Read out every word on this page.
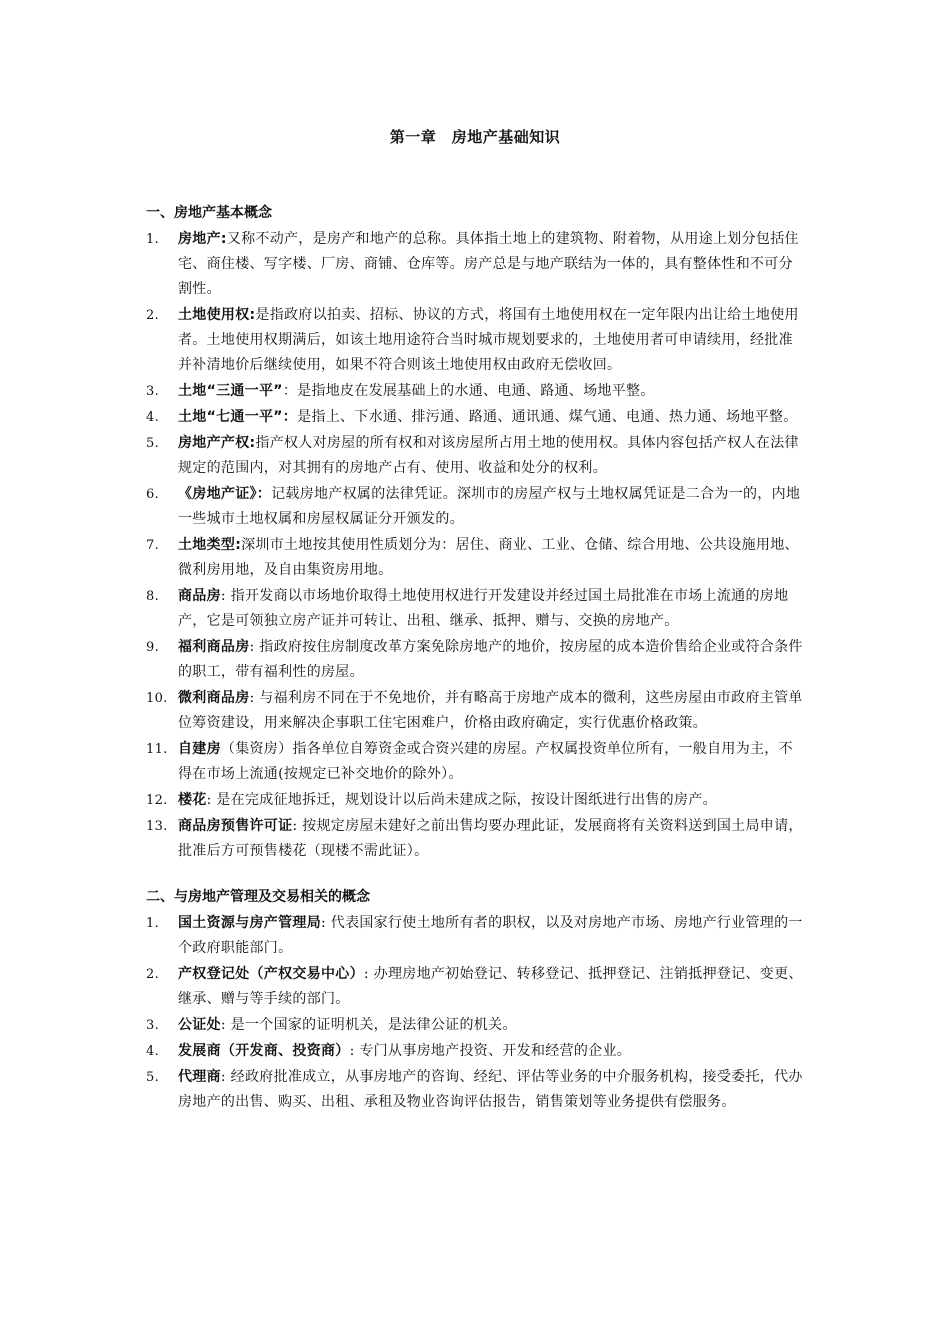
第一章　房地产基础知识
一、房地产基本概念
1.	房地产:又称不动产，是房产和地产的总称。具体指土地上的建筑物、附着物，从用途上划分包括住宅、商住楼、写字楼、厂房、商铺、仓库等。房产总是与地产联结为一体的，具有整体性和不可分割性。
2.	土地使用权:是指政府以拍卖、招标、协议的方式，将国有土地使用权在一定年限内出让给土地使用者。土地使用权期满后，如该土地用途符合当时城市规划要求的，土地使用者可申请续用，经批准并补清地价后继续使用，如果不符合则该土地使用权由政府无偿收回。
3.	土地“三通一平”：是指地皮在发展基础上的水通、电通、路通、场地平整。
4.	土地“七通一平”：是指上、下水通、排污通、路通、通讯通、煤气通、电通、热力通、场地平整。
5.	房地产产权:指产权人对房屋的所有权和对该房屋所占用土地的使用权。具体内容包括产权人在法律规定的范围内，对其拥有的房地产占有、使用、收益和处分的权利。
6.	《房地产证》：记载房地产权属的法律凭证。深圳市的房屋产权与土地权属凭证是二合为一的，内地一些城市土地权属和房屋权属证分开颁发的。
7.	土地类型:深圳市土地按其使用性质划分为：居住、商业、工业、仓储、综合用地、公共设施用地、微利房用地，及自由集资房用地。
8.	商品房: 指开发商以市场地价取得土地使用权进行开发建设并经过国土局批准在市场上流通的房地产，它是可领独立房产证并可转让、出租、继承、抵押、赠与、交换的房地产。
9.	福利商品房: 指政府按住房制度改革方案免除房地产的地价，按房屋的成本造价售给企业或符合条件的职工，带有福利性的房屋。
10. 微利商品房: 与福利房不同在于不免地价，并有略高于房地产成本的微利，这些房屋由市政府主管单位筹资建设，用来解决企事职工住宅困难户，价格由政府确定，实行优惠价格政策。
11. 自建房（集资房）指各单位自筹资金或合资兴建的房屋。产权属投资单位所有，一般自用为主，不得在市场上流通(按规定已补交地价的除外）。
12. 楼花: 是在完成征地拆迁，规划设计以后尚未建成之际，按设计图纸进行出售的房产。
13. 商品房预售许可证: 按规定房屋未建好之前出售均要办理此证，发展商将有关资料送到国土局申请，批准后方可预售楼花（现楼不需此证）。
二、与房地产管理及交易相关的概念
1.	国土资源与房产管理局: 代表国家行使土地所有者的职权，以及对房地产市场、房地产行业管理的一个政府职能部门。
2.	产权登记处（产权交易中心）: 办理房地产初始登记、转移登记、抵押登记、注销抵押登记、变更、继承、赠与等手续的部门。
3.	公证处: 是一个国家的证明机关，是法律公证的机关。
4.	发展商（开发商、投资商）: 专门从事房地产投资、开发和经营的企业。
5.	代理商: 经政府批准成立，从事房地产的咨询、经纪、评估等业务的中介服务机构，接受委托，代办房地产的出售、购买、出租、承租及物业咨询评估报告，销售策划等业务提供有偿服务。
